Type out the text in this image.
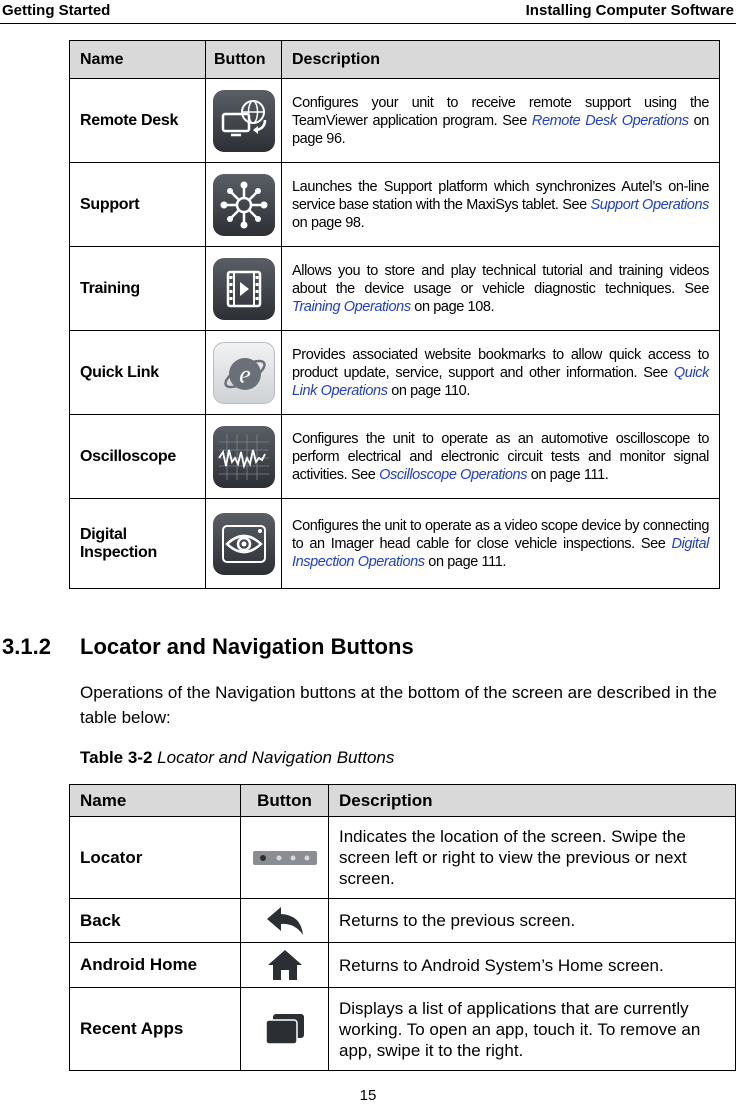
Getting Started	Installing Computer Software
Name	Button	Description
Remote Desk		Configures your unit to receive remote support using the TeamViewer application program. See Remote Desk Operations on page 96.
Support		Launches the Support platform which synchronizes Autel’s on-line service base station with the MaxiSys tablet. See Support Operations on page 98.
Training		Allows you to store and play technical tutorial and training videos about the device usage or vehicle diagnostic techniques. See Training Operations on page 108.
Quick Link	e	Provides associated website bookmarks to allow quick access to product update, service, support and other information. See Quick Link Operations on page 110.
Oscilloscope		Configures the unit to operate as an automotive oscilloscope to perform electrical and electronic circuit tests and monitor signal activities. See Oscilloscope Operations on page 111.
Digital Inspection		Configures the unit to operate as a video scope device by connecting to an Imager head cable for close vehicle inspections. See Digital Inspection Operations on page 111.
3.1.2 Locator and Navigation Buttons

Operations of the Navigation buttons at the bottom of the screen are described in the table below:

Table 3-2 Locator and Navigation Buttons
Name	Button	Description
Locator		Indicates the location of the screen. Swipe the screen left or right to view the previous or next screen.
Back		Returns to the previous screen.
Android Home		Returns to Android System’s Home screen.
Recent Apps		Displays a list of applications that are currently working. To open an app, touch it. To remove an app, swipe it to the right.
15
